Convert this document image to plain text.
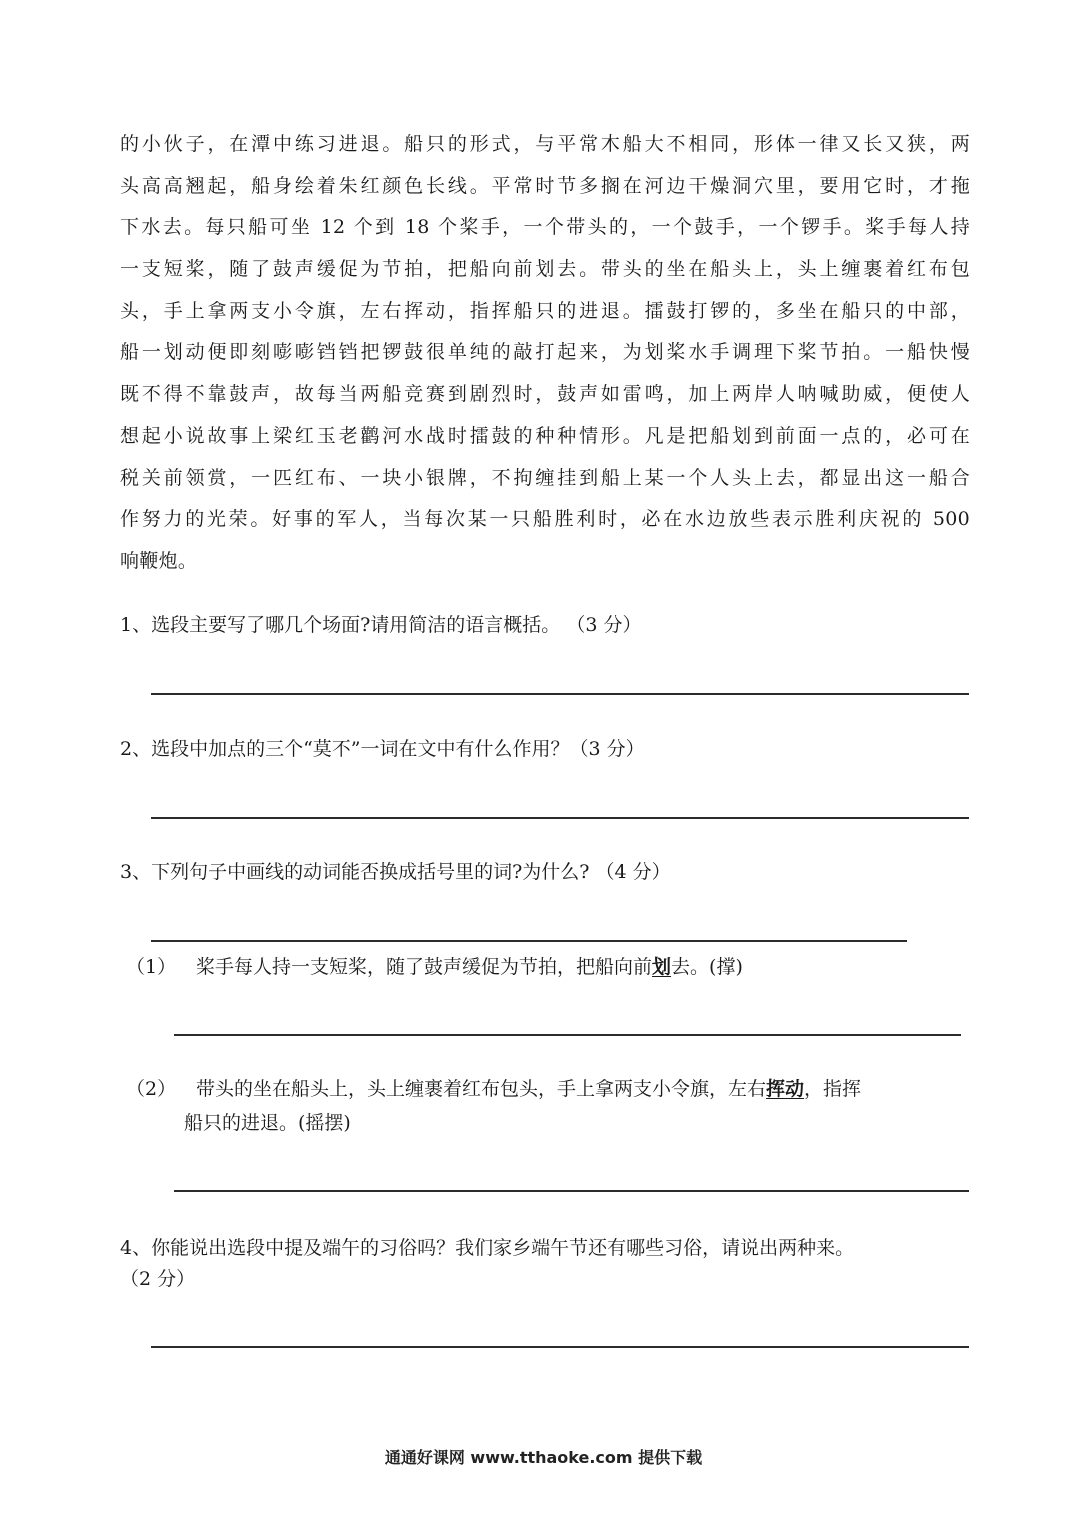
的小伙子，在潭中练习进退。船只的形式，与平常木船大不相同，形体一律又长又狭，两
头高高翘起，船身绘着朱红颜色长线。平常时节多搁在河边干燥洞穴里，要用它时，才拖
下水去。每只船可坐 12 个到 18 个桨手，一个带头的，一个鼓手，一个锣手。桨手每人持
一支短桨，随了鼓声缓促为节拍，把船向前划去。带头的坐在船头上，头上缠裹着红布包
头，手上拿两支小令旗，左右挥动，指挥船只的进退。擂鼓打锣的，多坐在船只的中部，
船一划动便即刻嘭嘭铛铛把锣鼓很单纯的敲打起来，为划桨水手调理下桨节拍。一船快慢
既不得不靠鼓声，故每当两船竞赛到剧烈时，鼓声如雷鸣，加上两岸人呐喊助威，便使人
想起小说故事上梁红玉老鹳河水战时擂鼓的种种情形。凡是把船划到前面一点的，必可在
税关前领赏，一匹红布、一块小银牌，不拘缠挂到船上某一个人头上去，都显出这一船合
作努力的光荣。好事的军人，当每次某一只船胜利时，必在水边放些表示胜利庆祝的 500
响鞭炮。
1、选段主要写了哪几个场面?请用简洁的语言概括。 （3 分）
2、选段中加点的三个“莫不”一词在文中有什么作用？（3 分）
3、下列句子中画线的动词能否换成括号里的词?为什么? （4 分）
（1） 桨手每人持一支短桨，随了鼓声缓促为节拍，把船向前划去。(撑)
（2） 带头的坐在船头上，头上缠裹着红布包头，手上拿两支小令旗，左右挥动，指挥
船只的进退。(摇摆)
4、你能说出选段中提及端午的习俗吗？我们家乡端午节还有哪些习俗，请说出两种来。
（2 分）
通通好课网 www.tthaoke.com 提供下载
